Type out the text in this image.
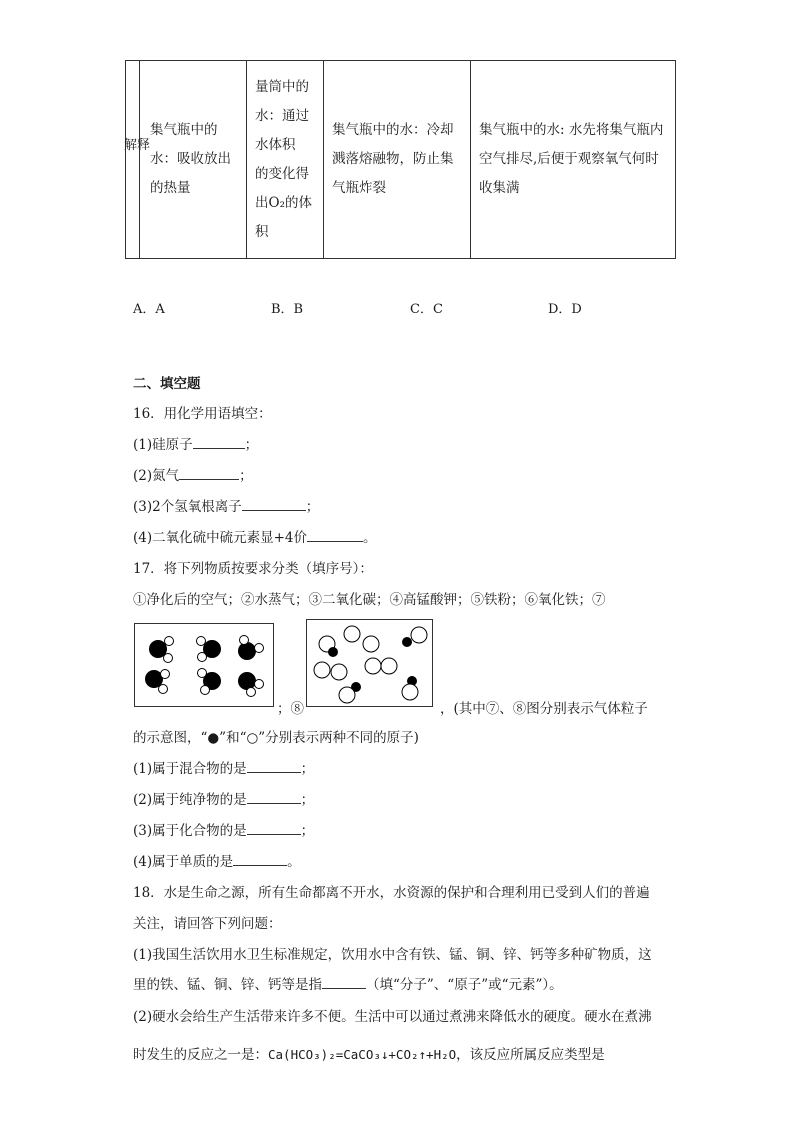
解释

集气瓶中的
水：吸收放出
的热量

量筒中的
水：通过
水体积
的变化得
出O₂的体
积

集气瓶中的水：冷却
溅落熔融物，防止集
气瓶炸裂

集气瓶中的水: 水先将集气瓶内
空气排尽,后便于观察氧气何时
收集满
A．A	B．B	C．C	D．D
二、填空题
16．用化学用语填空：
(1)硅原子	；
(2)氮气	；
(3)2个氢氧根离子	；
(4)二氧化硫中硫元素显+4价	。
17．将下列物质按要求分类（填序号）：
①净化后的空气；②水蒸气；③二氧化碳；④高锰酸钾；⑤铁粉；⑥氧化铁；⑦
；⑧	，(其中⑦、⑧图分别表示气体粒子
的示意图，“●”和“○”分别表示两种不同的原子)
(1)属于混合物的是	；
(2)属于纯净物的是	；
(3)属于化合物的是	；
(4)属于单质的是	。
18．水是生命之源，所有生命都离不开水，水资源的保护和合理利用已受到人们的普遍
关注，请回答下列问题：
(1)我国生活饮用水卫生标准规定，饮用水中含有铁、锰、铜、锌、钙等多种矿物质，这
里的铁、锰、铜、锌、钙等是指	（填“分子”、“原子”或“元素”）。
(2)硬水会给生产生活带来许多不便。生活中可以通过煮沸来降低水的硬度。硬水在煮沸
时发生的反应之一是：Ca(HCO₃)₂=CaCO₃↓+CO₂↑+H₂O，该反应所属反应类型是
